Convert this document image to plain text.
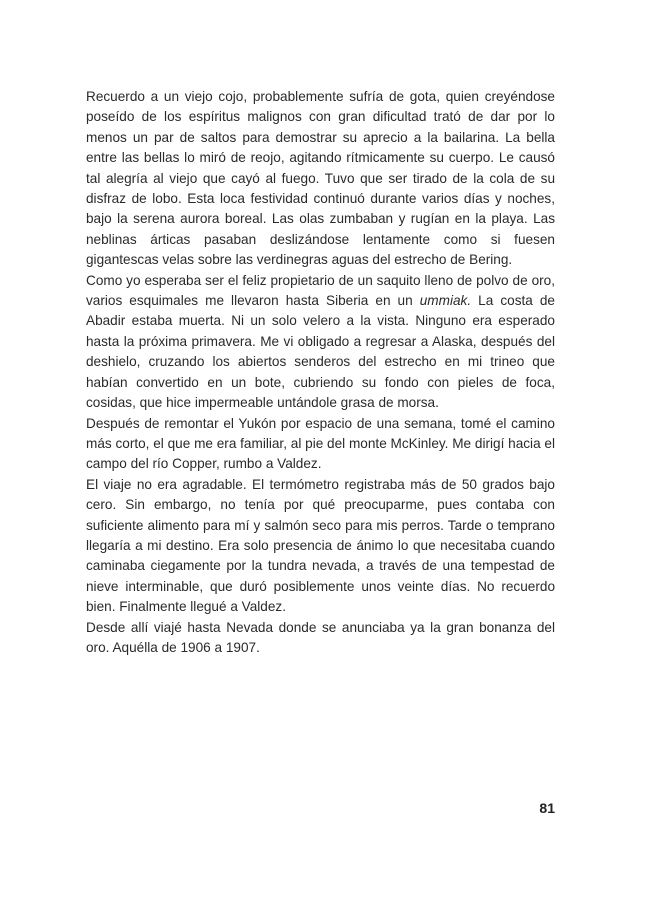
Recuerdo a un viejo cojo, probablemente sufría de gota, quien creyéndose poseído de los espíritus malignos con gran dificultad trató de dar por lo menos un par de saltos para demostrar su aprecio a la bailarina. La bella entre las bellas lo miró de reojo, agitando rítmicamente su cuerpo. Le causó tal alegría al viejo que cayó al fuego. Tuvo que ser tirado de la cola de su disfraz de lobo. Esta loca festividad continuó durante varios días y noches, bajo la serena aurora boreal. Las olas zumbaban y rugían en la playa. Las neblinas árticas pasaban deslizándose lentamente como si fuesen gigantescas velas sobre las verdinegras aguas del estrecho de Bering.

Como yo esperaba ser el feliz propietario de un saquito lleno de polvo de oro, varios esquimales me llevaron hasta Siberia en un ummiak. La costa de Abadir estaba muerta. Ni un solo velero a la vista. Ninguno era esperado hasta la próxima primavera. Me vi obligado a regresar a Alaska, después del deshielo, cruzando los abiertos senderos del estrecho en mi trineo que habían convertido en un bote, cubriendo su fondo con pieles de foca, cosidas, que hice impermeable untándole grasa de morsa.

Después de remontar el Yukón por espacio de una semana, tomé el camino más corto, el que me era familiar, al pie del monte McKinley. Me dirigí hacia el campo del río Copper, rumbo a Valdez.

El viaje no era agradable. El termómetro registraba más de 50 grados bajo cero. Sin embargo, no tenía por qué preocuparme, pues contaba con suficiente alimento para mí y salmón seco para mis perros. Tarde o temprano llegaría a mi destino. Era solo presencia de ánimo lo que necesitaba cuando caminaba ciegamente por la tundra nevada, a través de una tempestad de nieve interminable, que duró posiblemente unos veinte días. No recuerdo bien. Finalmente llegué a Valdez.

Desde allí viajé hasta Nevada donde se anunciaba ya la gran bonanza del oro. Aquélla de 1906 a 1907.

81
